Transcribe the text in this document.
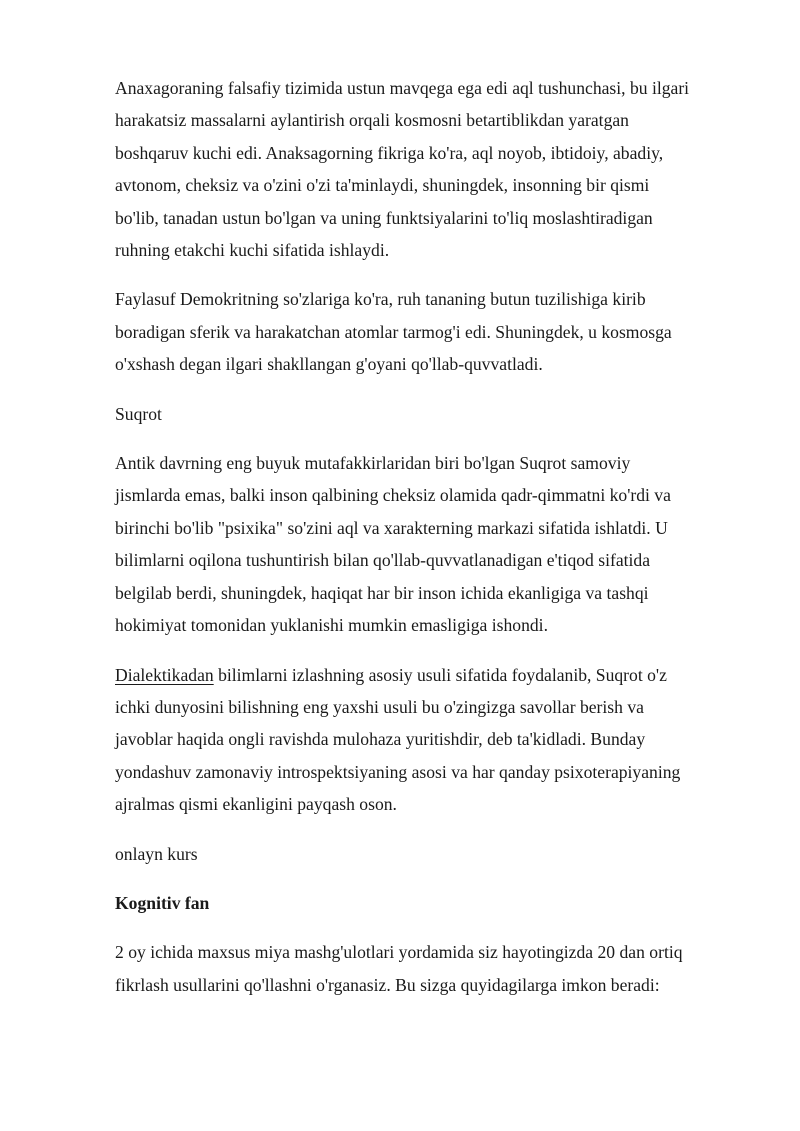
Anaxagoraning falsafiy tizimida ustun mavqega ega edi aql tushunchasi, bu ilgari
harakatsiz massalarni aylantirish orqali kosmosni betartiblikdan yaratgan
boshqaruv kuchi edi. Anaksagorning fikriga ko'ra, aql noyob, ibtidoiy, abadiy,
avtonom, cheksiz va o'zini o'zi ta'minlaydi, shuningdek, insonning bir qismi
bo'lib, tanadan ustun bo'lgan va uning funktsiyalarini to'liq moslashtiradigan
ruhning etakchi kuchi sifatida ishlaydi.

Faylasuf Demokritning so'zlariga ko'ra, ruh tananing butun tuzilishiga kirib
boradigan sferik va harakatchan atomlar tarmog'i edi. Shuningdek, u kosmosga
o'xshash degan ilgari shakllangan g'oyani qo'llab-quvvatladi.

Suqrot

Antik davrning eng buyuk mutafakkirlaridan biri bo'lgan Suqrot samoviy
jismlarda emas, balki inson qalbining cheksiz olamida qadr-qimmatni ko'rdi va
birinchi bo'lib "psixika" so'zini aql va xarakterning markazi sifatida ishlatdi. U
bilimlarni oqilona tushuntirish bilan qo'llab-quvvatlanadigan e'tiqod sifatida
belgilab berdi, shuningdek, haqiqat har bir inson ichida ekanligiga va tashqi
hokimiyat tomonidan yuklanishi mumkin emasligiga ishondi.

Dialektikadan bilimlarni izlashning asosiy usuli sifatida foydalanib, Suqrot o'z
ichki dunyosini bilishning eng yaxshi usuli bu o'zingizga savollar berish va
javoblar haqida ongli ravishda mulohaza yuritishdir, deb ta'kidladi. Bunday
yondashuv zamonaviy introspektsiyaning asosi va har qanday psixoterapiyaning
ajralmas qismi ekanligini payqash oson.

onlayn kurs

Kognitiv fan

2 oy ichida maxsus miya mashg'ulotlari yordamida siz hayotingizda 20 dan ortiq
fikrlash usullarini qo'llashni o'rganasiz. Bu sizga quyidagilarga imkon beradi:
